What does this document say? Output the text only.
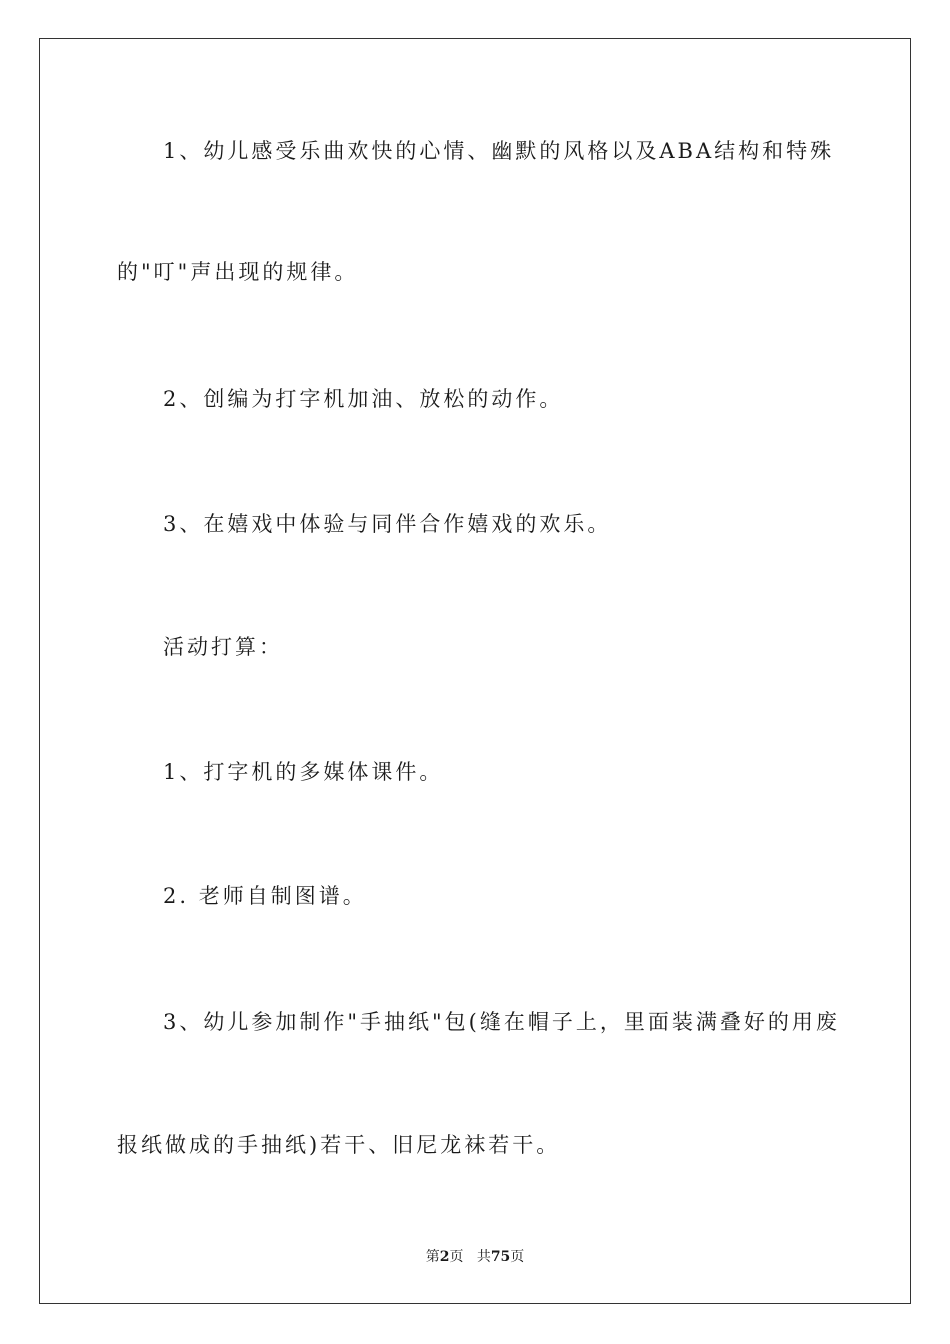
1、幼儿感受乐曲欢快的心情、幽默的风格以及ABA结构和特殊
的"叮"声出现的规律。
2、创编为打字机加油、放松的动作。
3、在嬉戏中体验与同伴合作嬉戏的欢乐。
活动打算：
1、打字机的多媒体课件。
2. 老师自制图谱。
3、幼儿参加制作"手抽纸"包(缝在帽子上，里面装满叠好的用废
报纸做成的手抽纸)若干、旧尼龙袜若干。
第2页 共75页
